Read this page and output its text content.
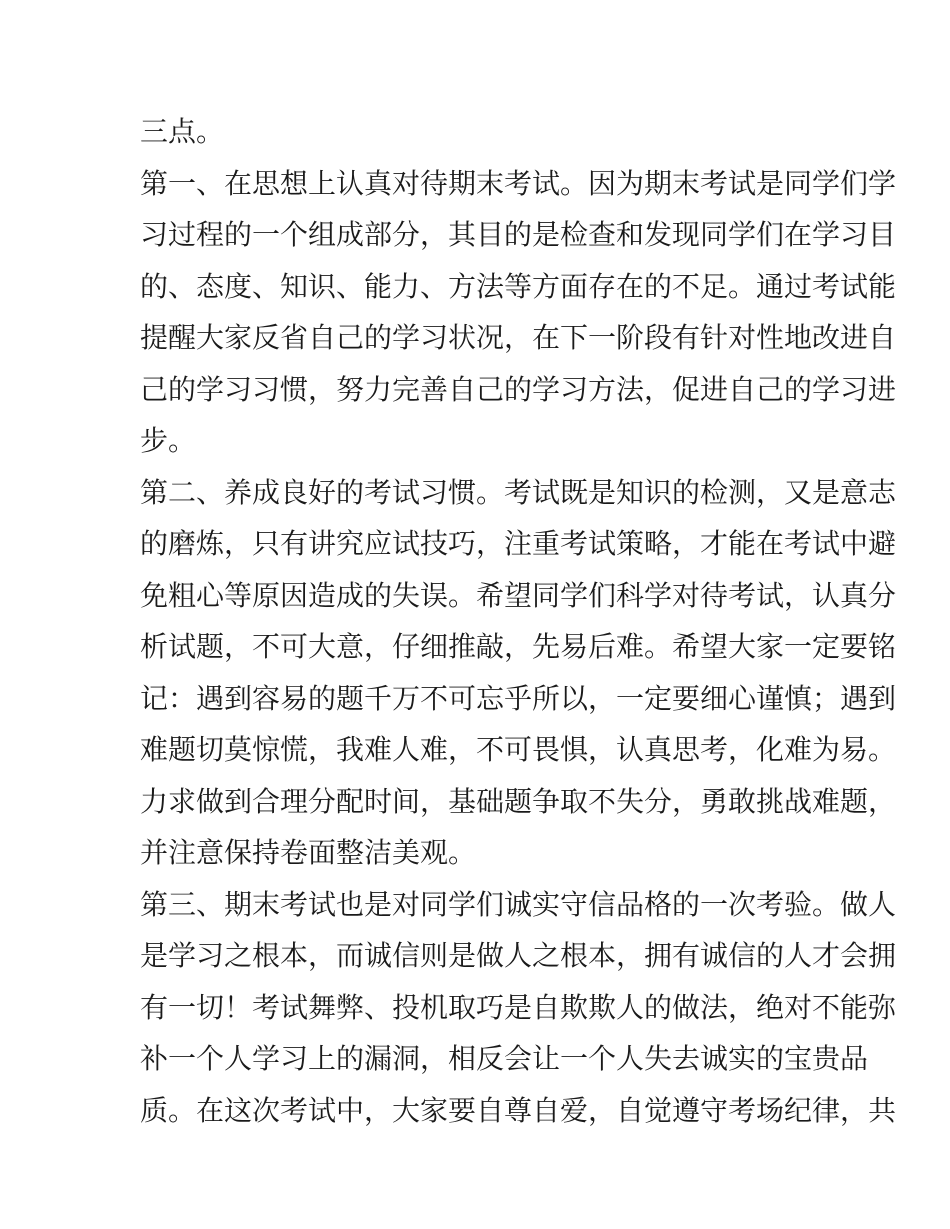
三点。
第一、在思想上认真对待期末考试。因为期末考试是同学们学
习过程的一个组成部分，其目的是检查和发现同学们在学习目
的、态度、知识、能力、方法等方面存在的不足。通过考试能
提醒大家反省自己的学习状况，在下一阶段有针对性地改进自
己的学习习惯，努力完善自己的学习方法，促进自己的学习进
步。
第二、养成良好的考试习惯。考试既是知识的检测，又是意志
的磨炼，只有讲究应试技巧，注重考试策略，才能在考试中避
免粗心等原因造成的失误。希望同学们科学对待考试，认真分
析试题，不可大意，仔细推敲，先易后难。希望大家一定要铭
记：遇到容易的题千万不可忘乎所以，一定要细心谨慎；遇到
难题切莫惊慌，我难人难，不可畏惧，认真思考，化难为易。
力求做到合理分配时间，基础题争取不失分，勇敢挑战难题，
并注意保持卷面整洁美观。
第三、期末考试也是对同学们诚实守信品格的一次考验。做人
是学习之根本，而诚信则是做人之根本，拥有诚信的人才会拥
有一切！考试舞弊、投机取巧是自欺欺人的做法，绝对不能弥
补一个人学习上的漏洞，相反会让一个人失去诚实的宝贵品
质。在这次考试中，大家要自尊自爱，自觉遵守考场纪律，共
